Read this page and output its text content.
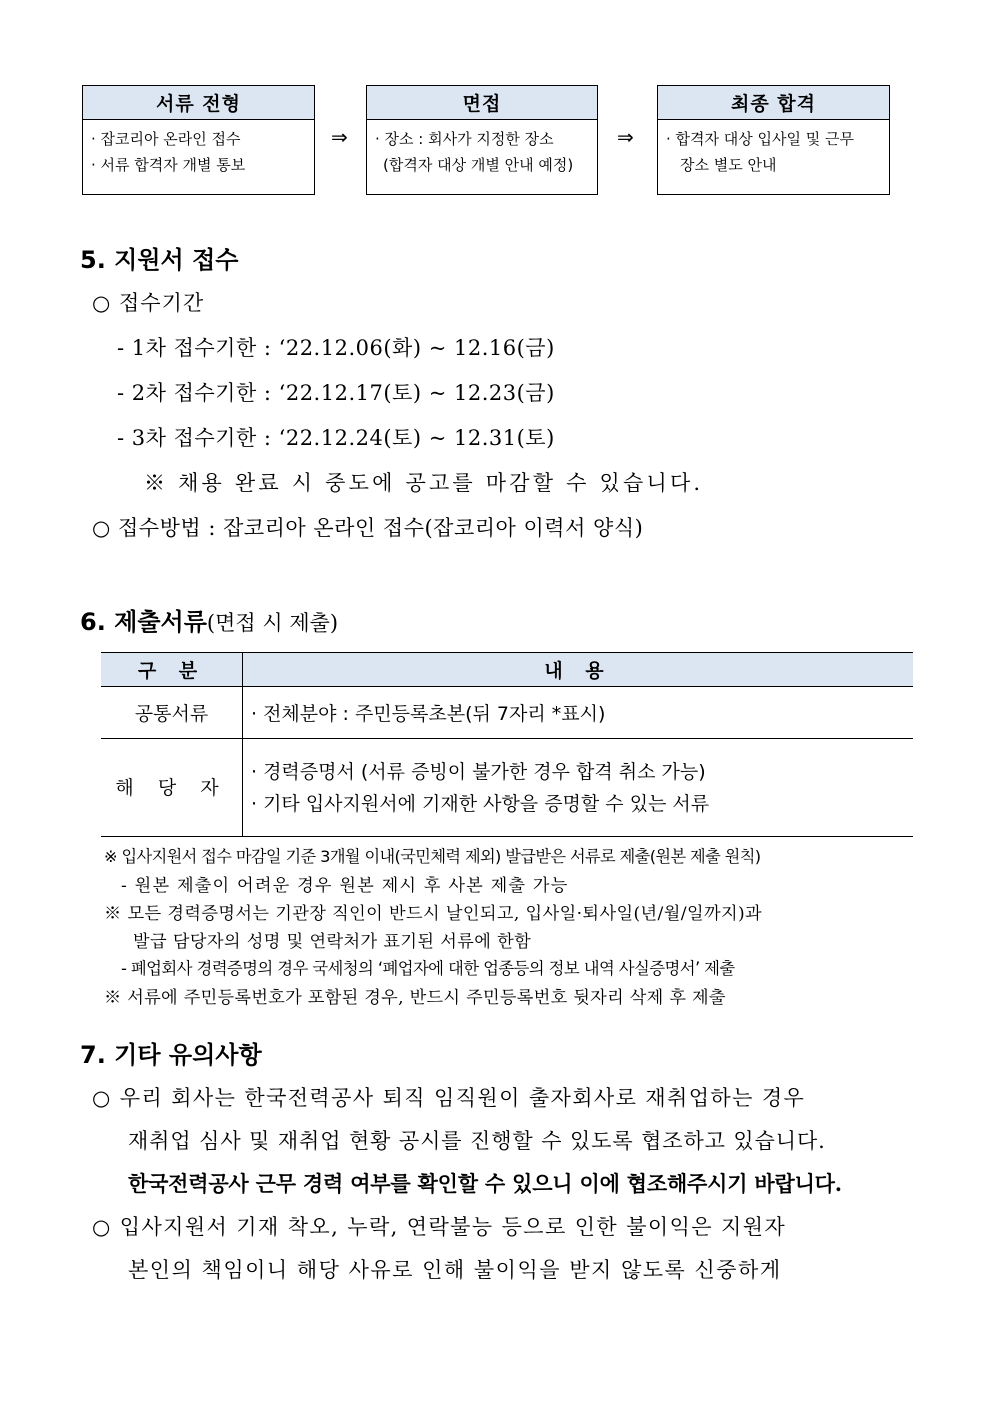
서류 전형
· 잡코리아 온라인 접수
· 서류 합격자 개별 통보
⇒
면접
· 장소 : 회사가 지정한 장소
(합격자 대상 개별 안내 예정)
⇒
최종 합격
· 합격자 대상 입사일 및 근무
장소 별도 안내
5. 지원서 접수
○ 접수기간
- 1차 접수기한 : ‘22.12.06(화) ~ 12.16(금)
- 2차 접수기한 : ‘22.12.17(토) ~ 12.23(금)
- 3차 접수기한 : ‘22.12.24(토) ~ 12.31(토)
※ 채용 완료 시 중도에 공고를 마감할 수 있습니다.
○ 접수방법 : 잡코리아 온라인 접수(잡코리아 이력서 양식)
6. 제출서류(면접 시 제출)
구 분	내 용
공통서류	· 전체분야 : 주민등록초본(뒤 7자리 *표시)
해 당 자	· 경력증명서 (서류 증빙이 불가한 경우 합격 취소 가능)
· 기타 입사지원서에 기재한 사항을 증명할 수 있는 서류
※ 입사지원서 접수 마감일 기준 3개월 이내(국민체력 제외) 발급받은 서류로 제출(원본 제출 원칙)
- 원본 제출이 어려운 경우 원본 제시 후 사본 제출 가능
※ 모든 경력증명서는 기관장 직인이 반드시 날인되고, 입사일·퇴사일(년/월/일까지)과
발급 담당자의 성명 및 연락처가 표기된 서류에 한함
- 폐업회사 경력증명의 경우 국세청의 ‘폐업자에 대한 업종등의 정보 내역 사실증명서’ 제출
※ 서류에 주민등록번호가 포함된 경우, 반드시 주민등록번호 뒷자리 삭제 후 제출
7. 기타 유의사항
○ 우리 회사는 한국전력공사 퇴직 임직원이 출자회사로 재취업하는 경우
재취업 심사 및 재취업 현황 공시를 진행할 수 있도록 협조하고 있습니다.
한국전력공사 근무 경력 여부를 확인할 수 있으니 이에 협조해주시기 바랍니다.
○ 입사지원서 기재 착오, 누락, 연락불능 등으로 인한 불이익은 지원자
본인의 책임이니 해당 사유로 인해 불이익을 받지 않도록 신중하게
